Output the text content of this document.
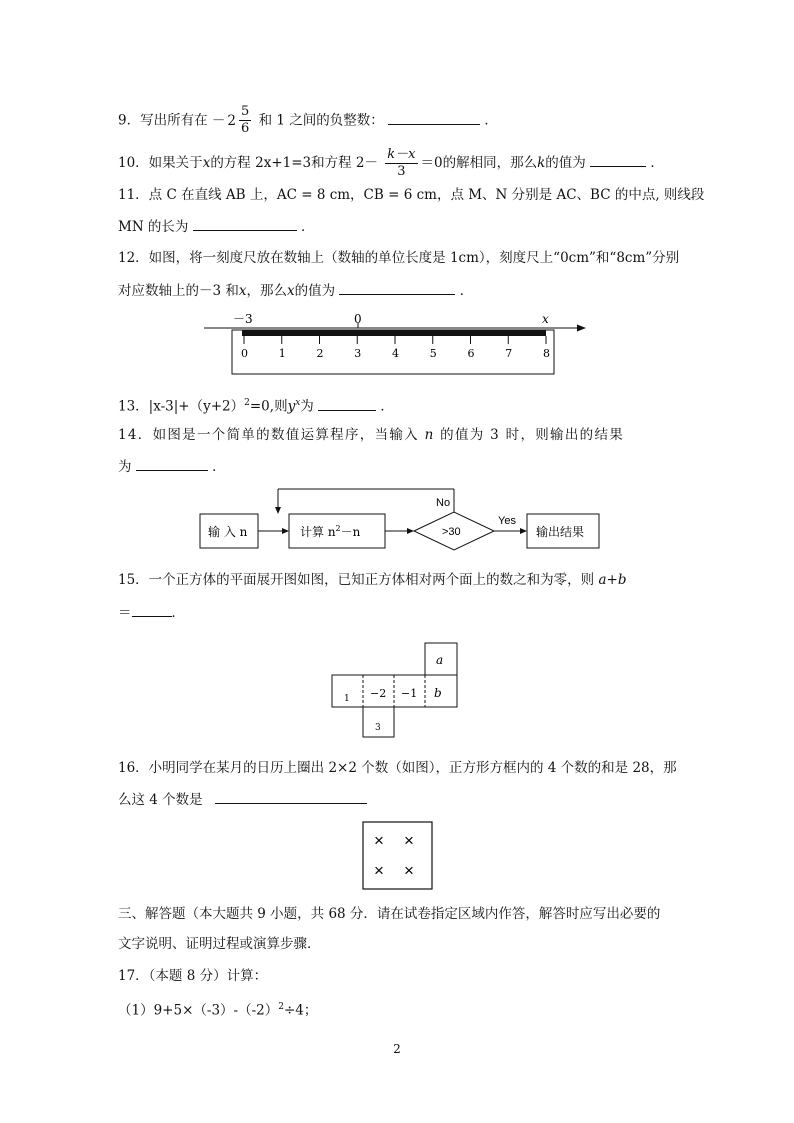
9．写出所有在 － $2 \frac{5}{6}$ 和 1 之间的负整数：	．
10．如果关于x的方程 2x+1=3和方程 $2- \frac{k-x}{3} =0$的解相同，那么k的值为	．
11．点 C 在直线 AB 上，AC = 8 cm，CB = 6 cm，点 M、N 分别是 AC、BC 的中点, 则线段
MN 的长为	．
12．如图，将一刻度尺放在数轴上（数轴的单位长度是 1cm），刻度尺上“0cm”和“8cm”分别
对应数轴上的－3 和x，那么x的值为	．
－3	0	x
0	1	2	3	4	5	6	7	8
13．$|x-3|+(y+2)^2=0$,则$y^x$为	．
14．如图是一个简单的数值运算程序，当输入 n 的值为 3 时，则输出的结果
为	．
输 入 n	计算 $n^2-n$	>30
No
Yes
输出结果
15．一个正方体的平面展开图如图，已知正方体相对两个面上的数之和为零，则 a+b
＝	．
a
1 −2 −1 b
3
16．小明同学在某月的日历上圈出 2×2 个数（如图），正方形方框内的 4 个数的和是 28，那
么这 4 个数是
× ×
× ×
三、解答题（本大题共 9 小题，共 68 分．请在试卷指定区域内作答，解答时应写出必要的
文字说明、证明过程或演算步骤．
17．（本题 8 分）计算：
$(1)9+5\times(-3)-(-2)^2\div 4$；
2
